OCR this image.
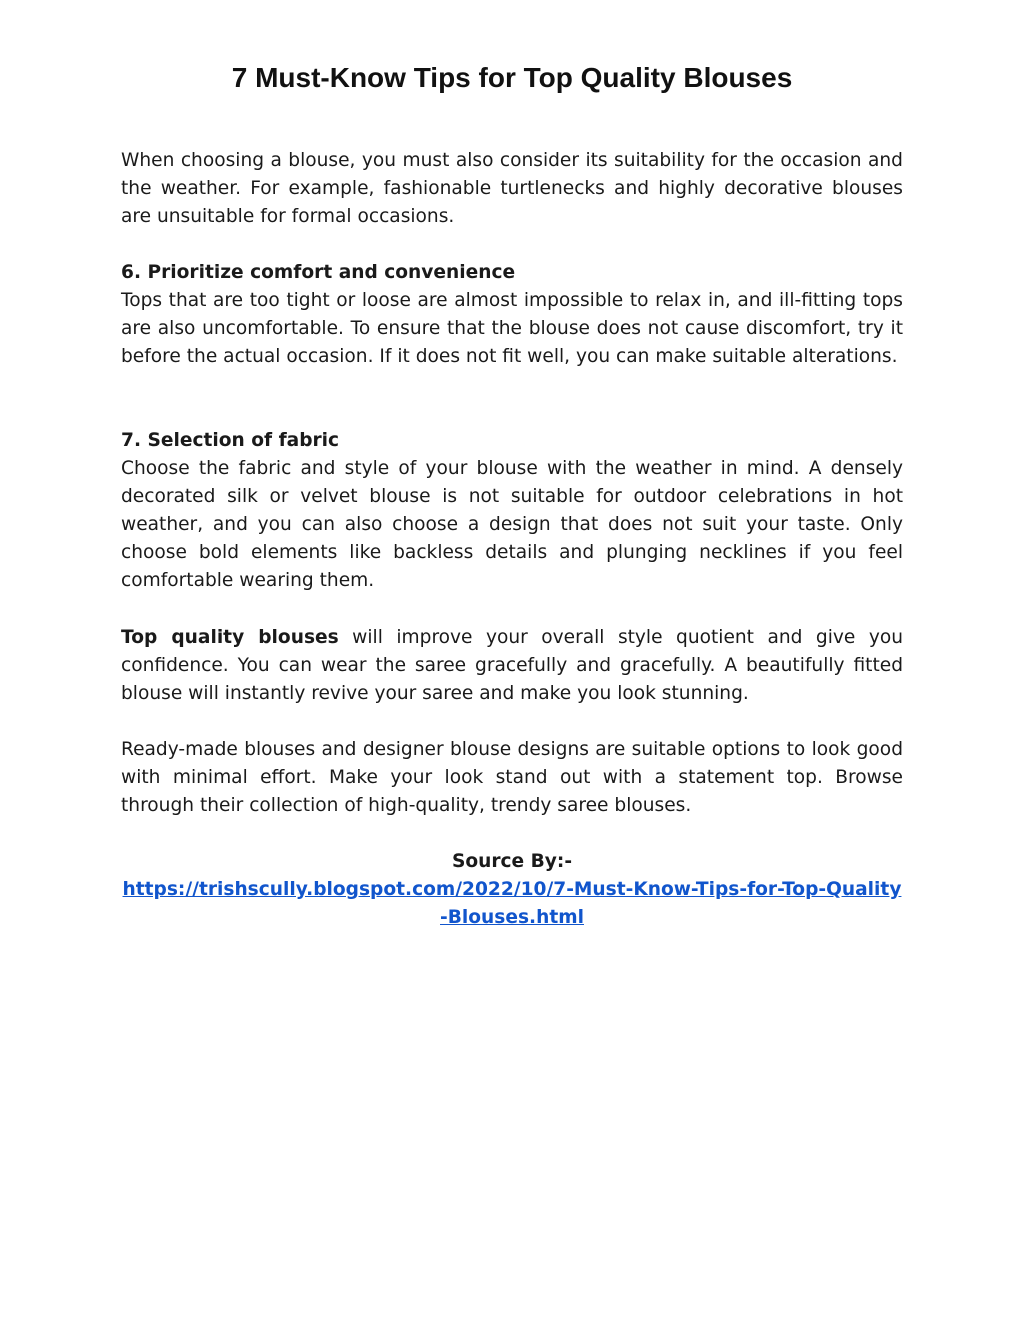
7 Must-Know Tips for Top Quality Blouses

When choosing a blouse, you must also consider its suitability for the occasion and the weather. For example, fashionable turtlenecks and highly decorative blouses are unsuitable for formal occasions.

6. Prioritize comfort and convenience
Tops that are too tight or loose are almost impossible to relax in, and ill-fitting tops are also uncomfortable. To ensure that the blouse does not cause discomfort, try it before the actual occasion. If it does not fit well, you can make suitable alterations.
7. Selection of fabric
Choose the fabric and style of your blouse with the weather in mind. A densely decorated silk or velvet blouse is not suitable for outdoor celebrations in hot weather, and you can also choose a design that does not suit your taste. Only choose bold elements like backless details and plunging necklines if you feel comfortable wearing them.

Top quality blouses will improve your overall style quotient and give you confidence. You can wear the saree gracefully and gracefully. A beautifully fitted blouse will instantly revive your saree and make you look stunning.

Ready-made blouses and designer blouse designs are suitable options to look good with minimal effort. Make your look stand out with a statement top. Browse through their collection of high-quality, trendy saree blouses.

Source By:-
https://trishscully.blogspot.com/2022/10/7-Must-Know-Tips-for-Top-Quality-Blouses.html
